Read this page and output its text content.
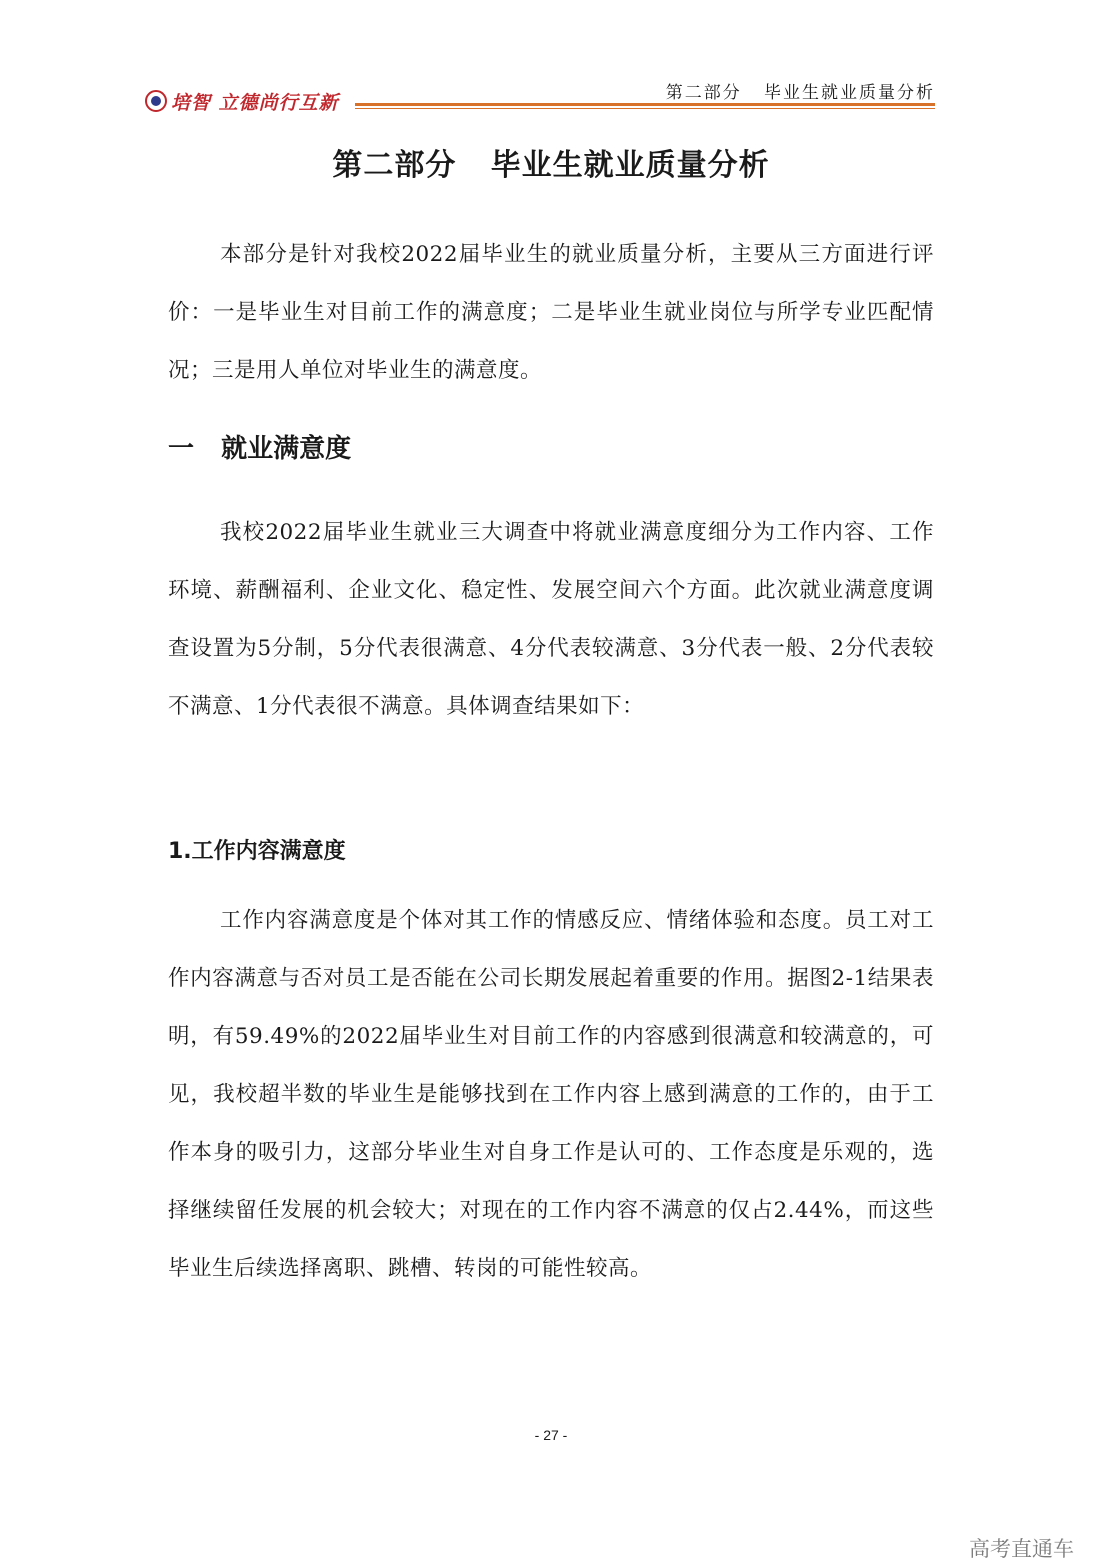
培智 立德尚行互新	第二部分   毕业生就业质量分析
第二部分   毕业生就业质量分析

本部分是针对我校2022届毕业生的就业质量分析，主要从三方面进行评价：一是毕业生对目前工作的满意度；二是毕业生就业岗位与所学专业匹配情况；三是用人单位对毕业生的满意度。

一   就业满意度

我校2022届毕业生就业三大调查中将就业满意度细分为工作内容、工作环境、薪酬福利、企业文化、稳定性、发展空间六个方面。此次就业满意度调查设置为5分制，5分代表很满意、4分代表较满意、3分代表一般、2分代表较不满意、1分代表很不满意。具体调查结果如下：

1.工作内容满意度

工作内容满意度是个体对其工作的情感反应、情绪体验和态度。员工对工作内容满意与否对员工是否能在公司长期发展起着重要的作用。据图2-1结果表明，有59.49%的2022届毕业生对目前工作的内容感到很满意和较满意的，可见，我校超半数的毕业生是能够找到在工作内容上感到满意的工作的，由于工作本身的吸引力，这部分毕业生对自身工作是认可的、工作态度是乐观的，选择继续留任发展的机会较大；对现在的工作内容不满意的仅占2.44%，而这些毕业生后续选择离职、跳槽、转岗的可能性较高。

- 27 -
高考直通车
